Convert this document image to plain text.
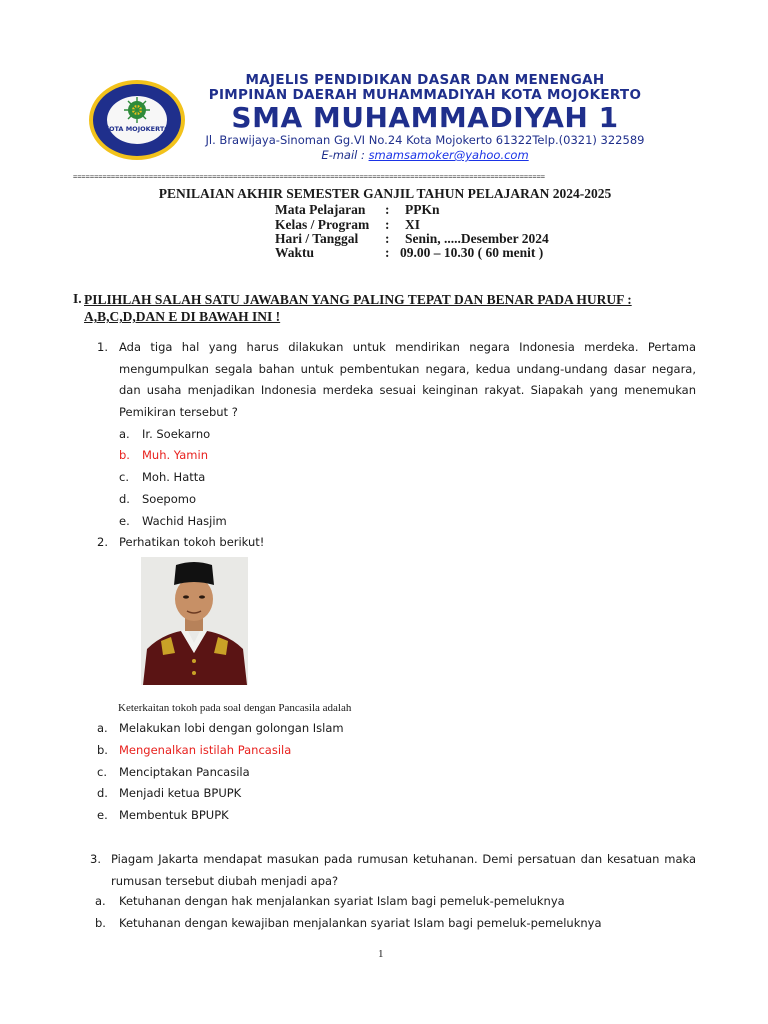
KOTA MOJOKERTO
MAJELIS PENDIDIKAN DASAR DAN MENENGAH
PIMPINAN DAERAH MUHAMMADIYAH KOTA MOJOKERTO
SMA MUHAMMADIYAH 1
Jl. Brawijaya-Sinoman Gg.VI No.24 Kota Mojokerto 61322Telp.(0321) 322589
E-mail : smamsamoker@yahoo.com
================================================================================================================
PENILAIAN AKHIR SEMESTER GANJIL TAHUN PELAJARAN 2024-2025
Mata Pelajaran : PPKn
Kelas / Program : XI
Hari / Tanggal : Senin, .....Desember 2024
Waktu	: 09.00 – 10.30 ( 60 menit )
I. PILIHLAH SALAH SATU JAWABAN YANG PALING TEPAT DAN BENAR PADA HURUF : A,B,C,D,DAN E DI BAWAH INI !
1. Ada tiga hal yang harus dilakukan untuk mendirikan negara Indonesia merdeka. Pertama mengumpulkan segala bahan untuk pembentukan negara, kedua undang-undang dasar negara, dan usaha menjadikan Indonesia merdeka sesuai keinginan rakyat. Siapakah yang menemukan Pemikiran tersebut ?
a. Ir. Soekarno
b. Muh. Yamin
c. Moh. Hatta
d. Soepomo
e. Wachid Hasjim
2. Perhatikan tokoh berikut!
Keterkaitan tokoh pada soal dengan Pancasila adalah
a. Melakukan lobi dengan golongan Islam
b. Mengenalkan istilah Pancasila
c. Menciptakan Pancasila
d. Menjadi ketua BPUPK
e. Membentuk BPUPK
3. Piagam Jakarta mendapat masukan pada rumusan ketuhanan. Demi persatuan dan kesatuan maka rumusan tersebut diubah menjadi apa?
a. Ketuhanan dengan hak menjalankan syariat Islam bagi pemeluk-pemeluknya
b. Ketuhanan dengan kewajiban menjalankan syariat Islam bagi pemeluk-pemeluknya
1
